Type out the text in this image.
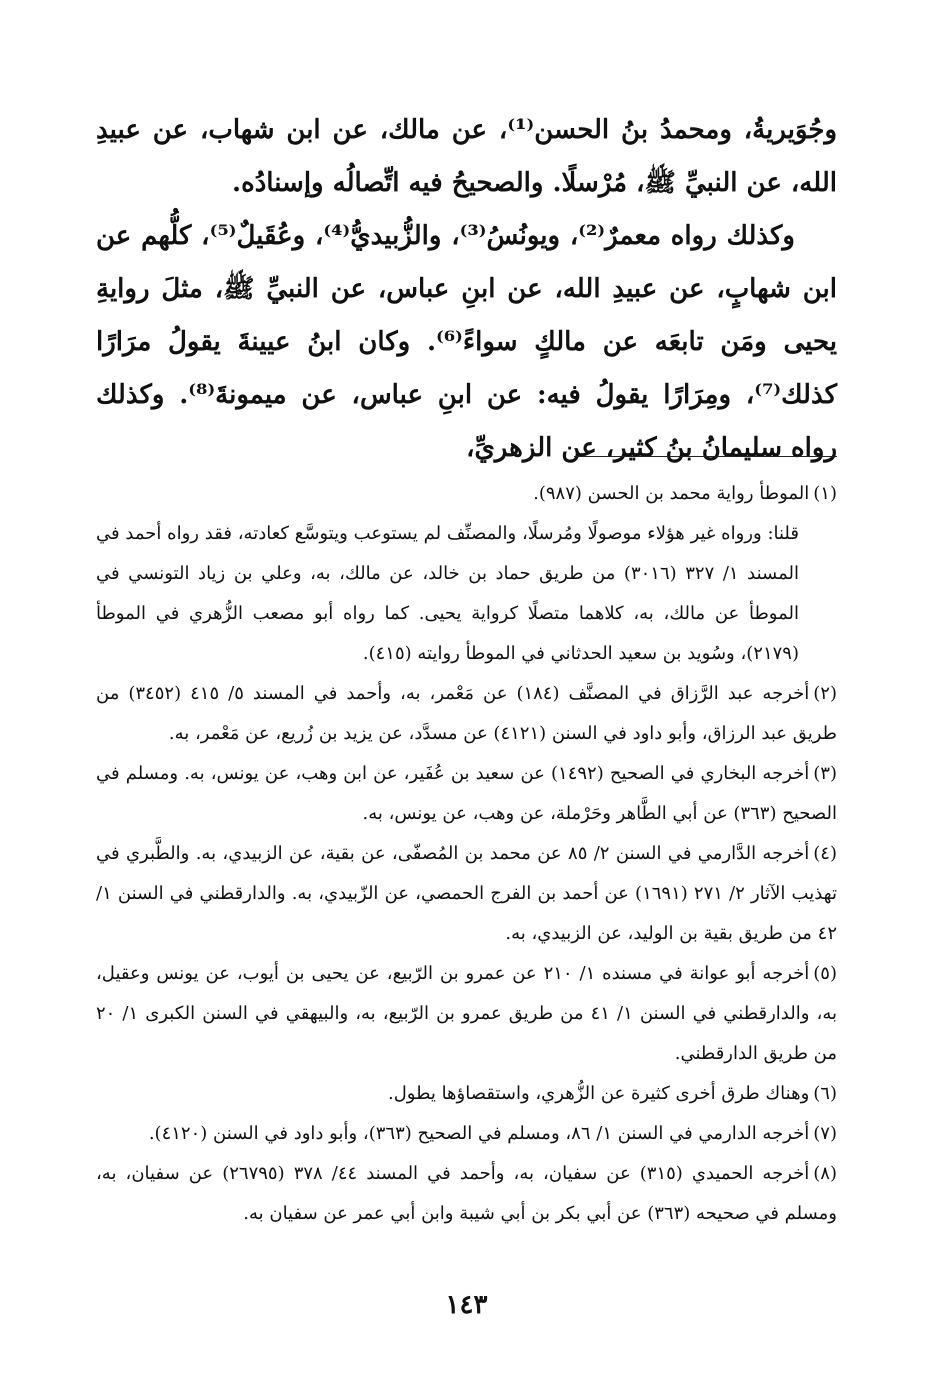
وجُوَيريةُ، ومحمدُ بنُ الحسن⁽¹⁾، عن مالك، عن ابن شهاب، عن عبيدِ الله، عن النبيِّ ﷺ، مُرْسلًا. والصحيحُ فيه اتِّصالُه وإسنادُه.

وكذلك رواه معمرٌ⁽²⁾، ويونُسُ⁽³⁾، والزُّبيديُّ⁽⁴⁾، وعُقَيلٌ⁽⁵⁾، كلُّهم عن ابن شهابٍ، عن عبيدِ الله، عن ابنِ عباس، عن النبيِّ ﷺ، مثلَ روايةِ يحيى ومَن تابعَه عن مالكٍ سواءً⁽⁶⁾. وكان ابنُ عيينةَ يقولُ مرَارًا كذلك⁽⁷⁾، ومِرَارًا يقولُ فيه: عن ابنِ عباس، عن ميمونةَ⁽⁸⁾. وكذلك رواه سليمانُ بنُ كثير، عن الزهريِّ،

(١)الموطأ رواية محمد بن الحسن (٩٨٧).

قلنا: ورواه غير هؤلاء موصولًا ومُرسلًا، والمصنِّف لم يستوعب ويتوسَّع كعادته، فقد رواه أحمد في المسند ١/ ٣٢٧ (٣٠١٦) من طريق حماد بن خالد، عن مالك، به، وعلي بن زياد التونسي في الموطأ عن مالك، به، كلاهما متصلًا كرواية يحيى. كما رواه أبو مصعب الزُّهري في الموطأ (٢١٧٩)، وسُويد بن سعيد الحدثاني في الموطأ روايته (٤١٥).

(٢)أخرجه عبد الرَّزاق في المصنَّف (١٨٤) عن مَعْمر، به، وأحمد في المسند ٥/ ٤١٥ (٣٤٥٢) من طريق عبد الرزاق، وأبو داود في السنن (٤١٢١) عن مسدَّد، عن يزيد بن زُريع، عن مَعْمر، به.

(٣)أخرجه البخاري في الصحيح (١٤٩٢) عن سعيد بن عُفَير، عن ابن وهب، عن يونس، به. ومسلم في الصحيح (٣٦٣) عن أبي الطَّاهر وحَرْملة، عن وهب، عن يونس، به.

(٤)أخرجه الدَّارمي في السنن ٢/ ٨٥ عن محمد بن المُصفّى، عن بقية، عن الزبيدي، به. والطَّبري في تهذيب الآثار ٢/ ٢٧١ (١٦٩١) عن أحمد بن الفرج الحمصي، عن الزّبيدي، به. والدارقطني في السنن ١/ ٤٢ من طريق بقية بن الوليد، عن الزبيدي، به.

(٥)أخرجه أبو عوانة في مسنده ١/ ٢١٠ عن عمرو بن الرّبيع، عن يحيى بن أيوب، عن يونس وعقيل، به، والدارقطني في السنن ١/ ٤١ من طريق عمرو بن الرّبيع، به، والبيهقي في السنن الكبرى ١/ ٢٠ من طريق الدارقطني.

(٦)وهناك طرق أخرى كثيرة عن الزُّهري، واستقصاؤها يطول.

(٧)أخرجه الدارمي في السنن ١/ ٨٦، ومسلم في الصحيح (٣٦٣)، وأبو داود في السنن (٤١٢٠).

(٨)أخرجه الحميدي (٣١٥) عن سفيان، به، وأحمد في المسند ٤٤/ ٣٧٨ (٢٦٧٩٥) عن سفيان، به، ومسلم في صحيحه (٣٦٣) عن أبي بكر بن أبي شيبة وابن أبي عمر عن سفيان به.

١٤٣
